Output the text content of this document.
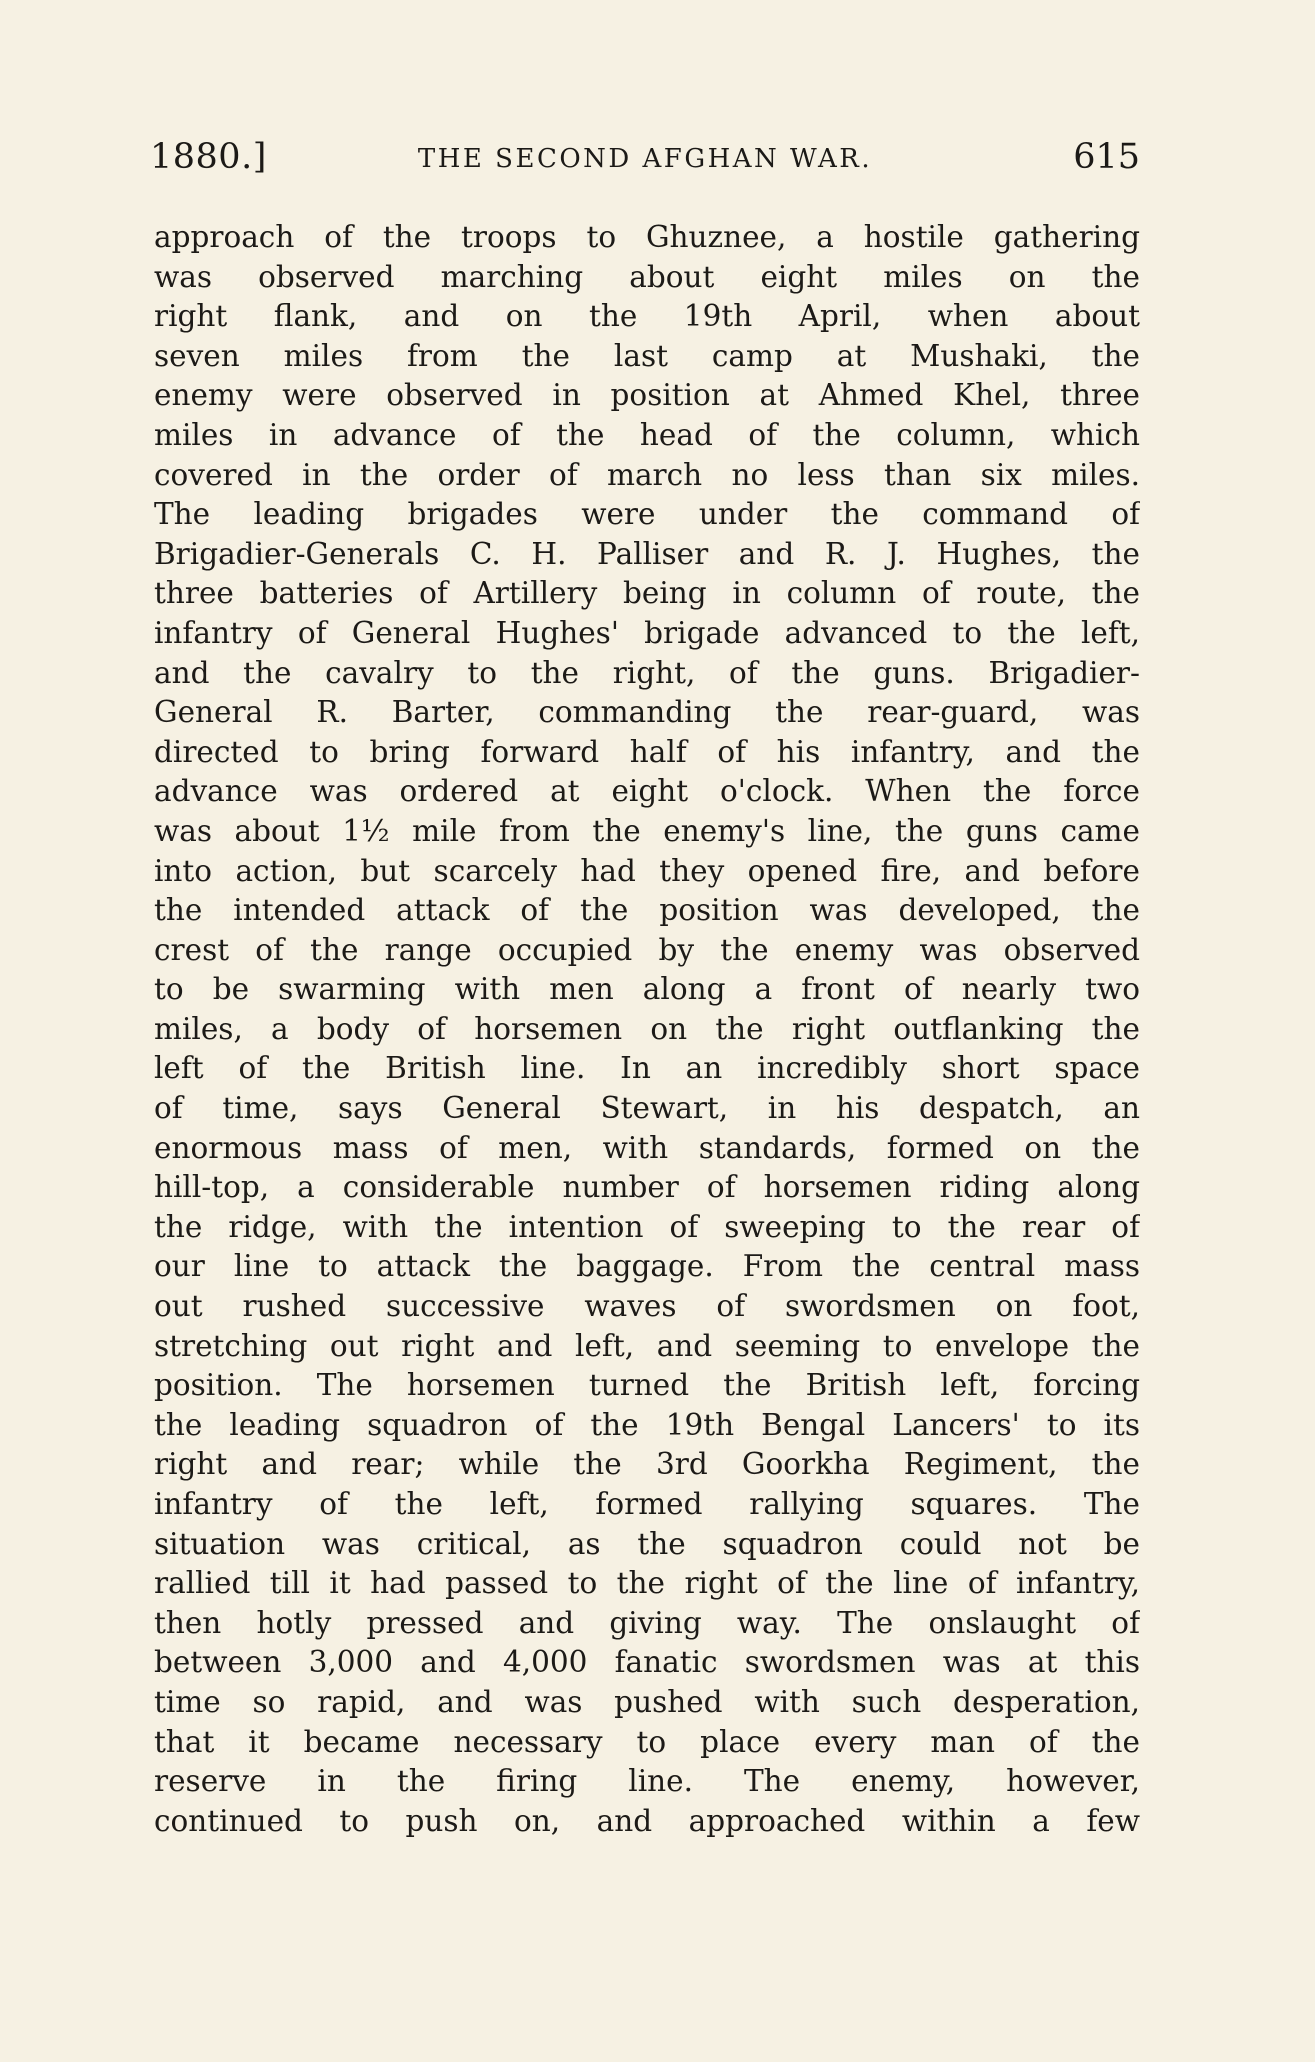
1880.]	THE SECOND AFGHAN WAR.	615
approach of the troops to Ghuznee, a hostile gathering
was observed marching about eight miles on the
right flank, and on the 19th April, when about
seven miles from the last camp at Mushaki, the
enemy were observed in position at Ahmed Khel, three
miles in advance of the head of the column, which
covered in the order of march no less than six miles.
The leading brigades were under the command of
Brigadier-Generals C. H. Palliser and R. J. Hughes, the
three batteries of Artillery being in column of route, the
infantry of General Hughes' brigade advanced to the left,
and the cavalry to the right, of the guns. Brigadier-
General R. Barter, commanding the rear-guard, was
directed to bring forward half of his infantry, and the
advance was ordered at eight o'clock. When the force
was about 1½ mile from the enemy's line, the guns came
into action, but scarcely had they opened fire, and before
the intended attack of the position was developed, the
crest of the range occupied by the enemy was observed
to be swarming with men along a front of nearly two
miles, a body of horsemen on the right outflanking the
left of the British line. In an incredibly short space
of time, says General Stewart, in his despatch, an
enormous mass of men, with standards, formed on the
hill-top, a considerable number of horsemen riding along
the ridge, with the intention of sweeping to the rear of
our line to attack the baggage. From the central mass
out rushed successive waves of swordsmen on foot,
stretching out right and left, and seeming to envelope the
position. The horsemen turned the British left, forcing
the leading squadron of the 19th Bengal Lancers' to its
right and rear; while the 3rd Goorkha Regiment, the
infantry of the left, formed rallying squares. The
situation was critical, as the squadron could not be
rallied till it had passed to the right of the line of infantry,
then hotly pressed and giving way. The onslaught of
between 3,000 and 4,000 fanatic swordsmen was at this
time so rapid, and was pushed with such desperation,
that it became necessary to place every man of the
reserve in the firing line. The enemy, however,
continued to push on, and approached within a few
